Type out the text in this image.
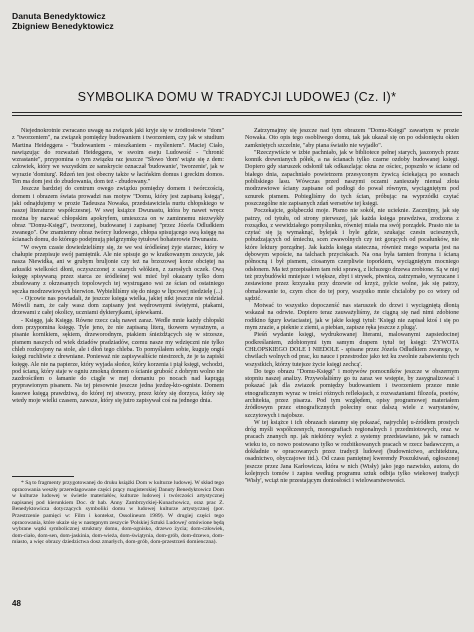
Danuta Benedyktowicz
Zbigniew Benedyktowicz
SYMBOLIKA DOMU W TRADYCJI LUDOWEJ (Cz. I)*

Niejednokrotnie zwracano uwagę na związek jaki kryje się w źródłosłowie "dom" z "tworzeniem", na związek pomiędzy budowaniem i tworzeniem, czy jak w studium Martina Heideggera - "budowaniem - mieszkaniem - myśleniem". Maciej Ciało, nawiązując do rozważań Heideggera, w swoim eseju Ludowość - "chronić wzrastanie", przypomina o tym związku raz jeszcze "Słowo 'dom' wiąże się z dem: człowiek, który we wszystkim ze sanskrycie oznaczał 'budowanie', 'tworzenie', jak w wyrazie 'domiurg'. Rdzeń ten jest obecny także w łacińskim domus i greckim domos. Ten ma dom jest do zbudowania, dom też - zbudowany."

Jeszcze bardziej do centrum owego związku pomiędzy domem i twórczością, domem i obrazem świata prowadzi nas motyw "Domu, który jest zapisaną księgą", jaki odnajdujemy w prozie Tadeusza Nowaka, przedstawiciela nurtu chłopskiego w naszej literaturze współczesnej. W swej książce Dwunastu, która by nawet wręcz można by nazwać chłopskim apokryfem, umieszcza on w zaminnemu niezwykły obraz "Domu-Księgi", tworzonej, budowanej i zapisanej "przez Józefa Odludkiem zwanego". Ów znamienny obraz twórcy ludowego, chłopa spisującego swą księgę na ścianach domu, do którego podejmują pielgrzymkę tytułowi bohaterowie Dwunastu.

"W owym czasie dowiedzieliśmy się, że we wsi śródleśnej żyje starzec, który w chałupie przepisuje swój pamiętnik. Ale nie spisuje go w kratkowanym zeszycie, jak nasza Niewidka, ani w grubym bruljonie czy też na brzozowej korze obciętej na arkusiki wielkości dłoni, oczyszczonej z szarych włókien, z zarosłych oczek. Ową księgę spisywaną przez starca ze śródleśnej wsi mieć był okazany tylko dom zbudowany z okrzesanych topolowych tej wystrugano wsi ze ścian od ostatniego sęczka modrzewiowych bierwion. Wybieliliśmy się do niego w lipcowej niedzielę (...)

- Ojcowie nas powiadali, że jeszcze księga wielka, jakiej nikt jeszcze nie widział. Mówili nam, że cały wasz dom zapisany jest wędrownymi świętymi, ptakami, drzewami z całej okolicy, uczniami dykteryjkami, śpiewkami.

- Księgę, jak Księgę. Równe rzecz całą nawet zaraz. Wedle mnie każdy chłopski dom przypomina księgę. Tyle jeno, że nie zapisaną literą, tkowem wyrażnym, a pisanie kornikiem, sękiem, drzeworodnym, ptakiem śnieżdżących się w strzesze, pismem naszych od wiek dziadów pradziadów, czemu nasze my wdzięczni nie tylko chleb rozkrojony na stole, ale i dłoń tego chleba. To pomyślałem sobie, kuguję ongiś księgi ruchliwie z drewniane. Ponieważ nie zapisywaliście niestrzech, że je ta zapiski księgę. Ale nie na papierze, który wyjada słońce, który korzenia i piął księgi, wchodzi, pod ścianą, który staje w ogniu zmokną domem o ścianie grubość z dobrym wolno nie zazdrościłem o łamanie do ciągle w mej domaniu po nocach nad kaprągą pryprawionym pisanem. Na tej piesownie jeszcze jedna jezdzę-kto-ogniste. Domem kasowe księgą prawdziwą, do której rej stworzy, przez który się dorzyca, który się wtedy moje wielki czasem, zawsze, który się jutro zapisywał coś na jednego dnia.

* Są to fragmenty przygotowanej do druku książki Dom w kulturze ludowej. W skład tego opracowania weszły przeredagowane części prący magisterskiej Danuty Benedyktowicz Dom w kulturze ludowej w świetle materiałów, kulturze ludowej i twórczości artystycznej napisanej pod kierunkiem Doc. dr hab. Anny Zambrzyckiej-Kunachowicz, oraz prac Z. Benedyktowicza dotyczących symboliki domu w ludowej kulturze artystycznej (por. Przestrzenie pamięci w: Film i kontekst, Ossolineum 1989). W drugiej części tego opracowania, które ukaże się w następnym zeszycie 'Polskiej Sztuki Ludowej' omówione będą wybrane wątki symbolicznej struktury domu, dom-ognisko, drzewo życia; dom-człowiek, dom-ciało, dom-sen, dom-jaskinia, dom-wieża, dom-świątynia, dom-grób, dom-drzewo, dom-miasto, a więc obrazy dziedzictwa dosz zmarłych, dom-grób, dom-przestrzeń domienczna).

Zatrzymajmy się jeszcze nad tym obrazem "Domu-Księgi" zawartym w prozie Nowaka. Oto opis tego osobliwego domu, tak jak ukazał się on po odsłonięciu okien zamkniętych szczelnie, "aby piana światło nie wyjadło".

"Rzeczywiście w izbie pachniało, jak w bibliotece pełnej starych, jaszonych przez konnik drewnianych półek, a na ścianach tylko czarne ozdoby budowanej księgi. Dopiero gdy staruszek odsłonił tak odkaszlając okna ze ościec, popsznło w ściane od białego dnia, zapachniało powietrzem przesyconym żywicą ściekającą po sosnach pobliskiego lasu. Wówczas przed naszymi oczami zanieszały niemal złota modrzewiowe ściany zapisane od podłogi do pował równym, wyciągniętym pod sznurek pismem. Pobiegliśmy do tych ścian, próbując na wyprzódki czytać poszczególne nie zapisanych zdań wersetów tej księgi.

Poczekajcie, gołąbeczki moje. Pismo nie sokół, nie ucieknie. Zacznijmy, jak się patrzy, od tytułu, od strony pierwszej, jak każda księga prawdziwa, zrodzona z rozsądku, z wewidziałego pomyślunku, równiej miała ma swój porządek. Prasto nie ta czytać się ją wymaknąć, bylejak i byle gdzie, szukając czesin uciesznych, pobudzających od śmiechu, scen zwawolnych czy też gorących od pocałunków, nie które lektury porządnej. Jak każda księga stateczna, również mego wsparta jest na dębowym wpoście, na talchach przyciskach. Na ona była tamten fronyna i ścianą północną i był pismem, ciosanym czerpliwie toporkiem, wyciągniętym mocniego odsłonem. Ma też przepisałem tam reki sprawą, z lichszego drzewa zrobione. Są w niej też przybudówki mniejsze i większe, zbyt i strysek, piwnica, zatrzymało, wyrzucane i zestawione przez krzyzaku przy drzewie od krzyż, pylcie wolne, jak się patrzy, obmalowanie to, czym chce do tej pory, wszystko mnie chcialoby po co wtory od sądzić.

Motwać to wszystko dopoczenść nas staruszek do drzwi i wyciągniętą dłonią wskazał na odrwie. Dopiero teraz zauważyliśmy, że ciągną się nad nimi zdobione rodikino fgury kwiaciastej, jak w jakie księgi tytuł: 'Księgi nie zapisał ktoś i się po mym zrazie, a pieknie z ziemi, a piebian, zapisze ręka jeszcze z plugą'.

Pieśń wydanie księgi, wydrukowanej literami, malowanymi zapsiedocinej podkreślaniem, zdobionymi tym samym drapem tytuł tej księgi: 'ŻYWOTA CHŁOPSKIEGO DOLE I NIEDOLE - spisane przez Józefa Odludkiem zwanego, w chwilach wolnych od prac, ku nauce i przestrodze jako też ku zwolnie zabawieniu tych wszystkich, którzy tutejsze życie księgi zechcą'.

Do tego obrazu "Domu-Księgi" i motywów pomocników jeszcze w obszernym stopniu naszej analizy. Przywołaliśmy go tu zaraz we wstępie, by zasygnalizować i pokazać jak dla zwiazek pomiędzy budowaniem i tworzeniem przeze mnie etnograficznym wyraz w treści różnych refleksjach, z rozważaniami filozofa, poetów, architekta, przez pisarza. Pod tym względem, opisy programowej materiałem źródłowym przez etnograficznych poleciny oraz dalszą wiele z warystanów, szczytowych i najobsze.

W tej książce i ich obrazach staramy się pokazać, najrychlej u-źródłem prostych dróg myśli współczesnych, monografiach regionalnych i przedmiotowych, oraz w pracach znanych np. jak niektórzy wyleż z systemy przedstawiano, jak w ramach wieku to, co nowo postowano tylko w rozbitkowanych pracach w rzecz badawczym, a dokładnie w opracowanych przez tradycji ludowej (budownictwo, architektura, osadnictwo, obyczajowe itd.). Od czasu pamiętnej kwerendy Poszukiwań, ogłoszonej jeszcze przez Jana Karłowicza, która w nich (Wisły) jako jego nazwisko, autora, do kolejnych tomów i zapisu według programu sztuk odbija tylko wiekowej tradycji 'Wisły', wciąż nie przestającym doniosłości i wielowarstwowości.

48
